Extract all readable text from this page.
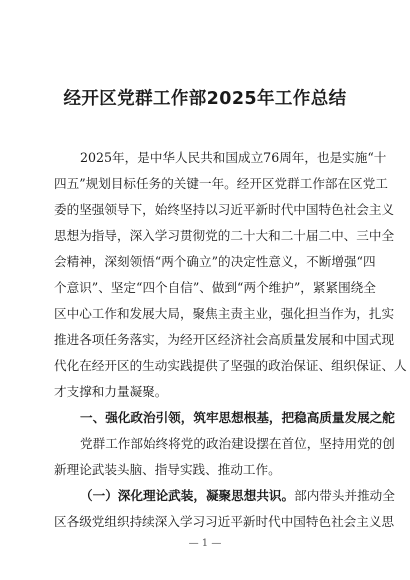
经开区党群工作部2025年工作总结
2025年，是中华人民共和国成立76周年，也是实施“十
四五”规划目标任务的关键一年。经开区党群工作部在区党工
委的坚强领导下，始终坚持以习近平新时代中国特色社会主义
思想为指导，深入学习贯彻党的二十大和二十届二中、三中全
会精神，深刻领悟“两个确立”的决定性意义，不断增强“四
个意识”、坚定“四个自信”、做到“两个维护”，紧紧围绕全
区中心工作和发展大局，聚焦主责主业，强化担当作为，扎实
推进各项任务落实，为经开区经济社会高质量发展和中国式现
代化在经开区的生动实践提供了坚强的政治保证、组织保证、人
才支撑和力量凝聚。
一、强化政治引领，筑牢思想根基，把稳高质量发展之舵
党群工作部始终将党的政治建设摆在首位，坚持用党的创
新理论武装头脑、指导实践、推动工作。
（一）深化理论武装，凝聚思想共识。部内带头并推动全
区各级党组织持续深入学习习近平新时代中国特色社会主义思
— 1 —
